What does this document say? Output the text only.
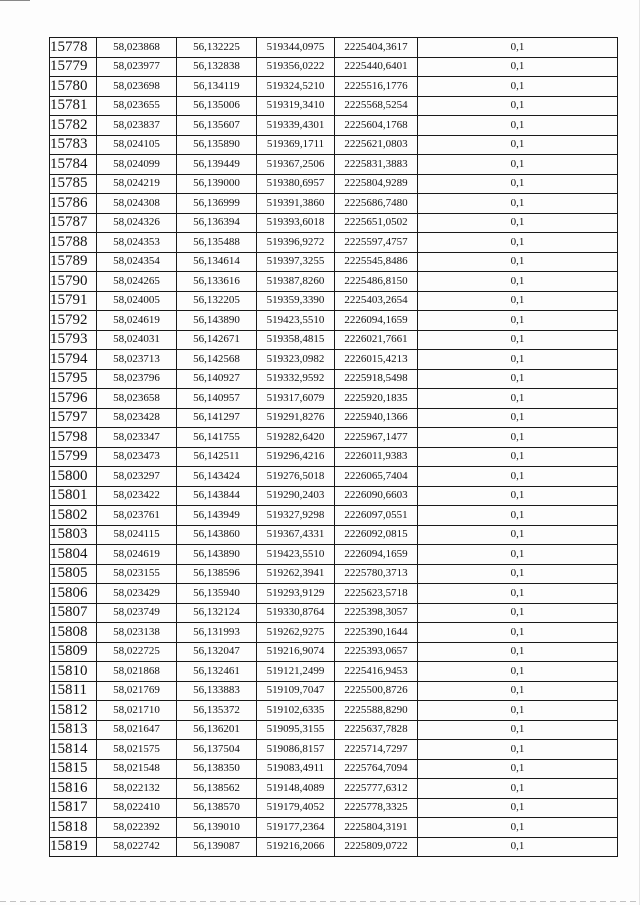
15778	58,023868	56,132225	519344,0975	2225404,3617	0,1
15779	58,023977	56,132838	519356,0222	2225440,6401	0,1
15780	58,023698	56,134119	519324,5210	2225516,1776	0,1
15781	58,023655	56,135006	519319,3410	2225568,5254	0,1
15782	58,023837	56,135607	519339,4301	2225604,1768	0,1
15783	58,024105	56,135890	519369,1711	2225621,0803	0,1
15784	58,024099	56,139449	519367,2506	2225831,3883	0,1
15785	58,024219	56,139000	519380,6957	2225804,9289	0,1
15786	58,024308	56,136999	519391,3860	2225686,7480	0,1
15787	58,024326	56,136394	519393,6018	2225651,0502	0,1
15788	58,024353	56,135488	519396,9272	2225597,4757	0,1
15789	58,024354	56,134614	519397,3255	2225545,8486	0,1
15790	58,024265	56,133616	519387,8260	2225486,8150	0,1
15791	58,024005	56,132205	519359,3390	2225403,2654	0,1
15792	58,024619	56,143890	519423,5510	2226094,1659	0,1
15793	58,024031	56,142671	519358,4815	2226021,7661	0,1
15794	58,023713	56,142568	519323,0982	2226015,4213	0,1
15795	58,023796	56,140927	519332,9592	2225918,5498	0,1
15796	58,023658	56,140957	519317,6079	2225920,1835	0,1
15797	58,023428	56,141297	519291,8276	2225940,1366	0,1
15798	58,023347	56,141755	519282,6420	2225967,1477	0,1
15799	58,023473	56,142511	519296,4216	2226011,9383	0,1
15800	58,023297	56,143424	519276,5018	2226065,7404	0,1
15801	58,023422	56,143844	519290,2403	2226090,6603	0,1
15802	58,023761	56,143949	519327,9298	2226097,0551	0,1
15803	58,024115	56,143860	519367,4331	2226092,0815	0,1
15804	58,024619	56,143890	519423,5510	2226094,1659	0,1
15805	58,023155	56,138596	519262,3941	2225780,3713	0,1
15806	58,023429	56,135940	519293,9129	2225623,5718	0,1
15807	58,023749	56,132124	519330,8764	2225398,3057	0,1
15808	58,023138	56,131993	519262,9275	2225390,1644	0,1
15809	58,022725	56,132047	519216,9074	2225393,0657	0,1
15810	58,021868	56,132461	519121,2499	2225416,9453	0,1
15811	58,021769	56,133883	519109,7047	2225500,8726	0,1
15812	58,021710	56,135372	519102,6335	2225588,8290	0,1
15813	58,021647	56,136201	519095,3155	2225637,7828	0,1
15814	58,021575	56,137504	519086,8157	2225714,7297	0,1
15815	58,021548	56,138350	519083,4911	2225764,7094	0,1
15816	58,022132	56,138562	519148,4089	2225777,6312	0,1
15817	58,022410	56,138570	519179,4052	2225778,3325	0,1
15818	58,022392	56,139010	519177,2364	2225804,3191	0,1
15819	58,022742	56,139087	519216,2066	2225809,0722	0,1
